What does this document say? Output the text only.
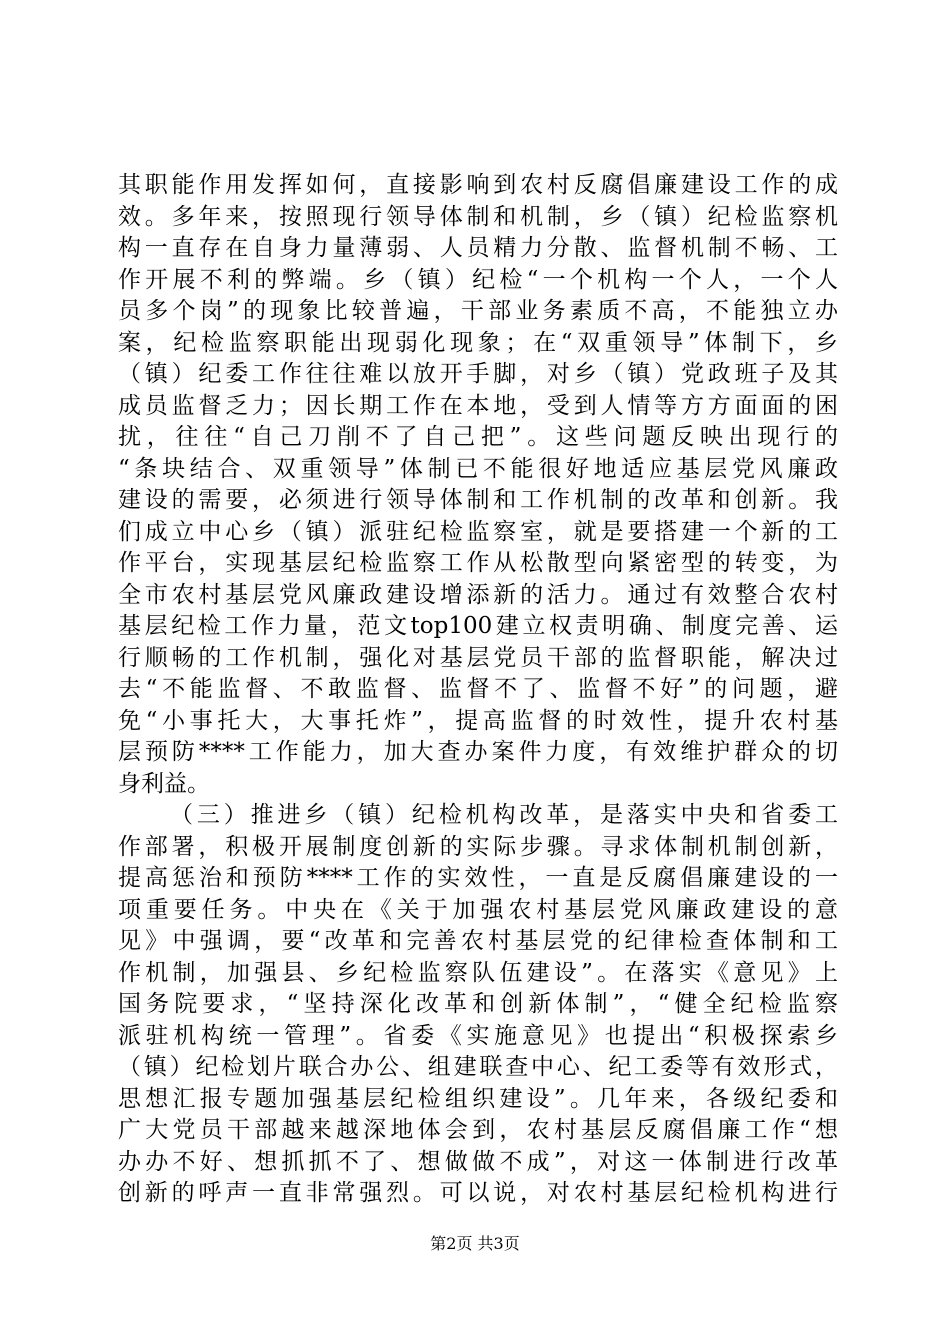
其职能作用发挥如何，直接影响到农村反腐倡廉建设工作的成
效。多年来，按照现行领导体制和机制，乡（镇）纪检监察机
构一直存在自身力量薄弱、人员精力分散、监督机制不畅、工
作开展不利的弊端。乡（镇）纪检“一个机构一个人，一个人
员多个岗”的现象比较普遍，干部业务素质不高，不能独立办
案，纪检监察职能出现弱化现象；在“双重领导”体制下，乡
（镇）纪委工作往往难以放开手脚，对乡（镇）党政班子及其
成员监督乏力；因长期工作在本地，受到人情等方方面面的困
扰，往往“自己刀削不了自己把”。这些问题反映出现行的
“条块结合、双重领导”体制已不能很好地适应基层党风廉政
建设的需要，必须进行领导体制和工作机制的改革和创新。我
们成立中心乡（镇）派驻纪检监察室，就是要搭建一个新的工
作平台，实现基层纪检监察工作从松散型向紧密型的转变，为
全市农村基层党风廉政建设增添新的活力。通过有效整合农村
基层纪检工作力量，范文top100建立权责明确、制度完善、运
行顺畅的工作机制，强化对基层党员干部的监督职能，解决过
去“不能监督、不敢监督、监督不了、监督不好”的问题，避
免“小事托大，大事托炸”，提高监督的时效性，提升农村基
层预防****工作能力，加大查办案件力度，有效维护群众的切
身利益。
（三）推进乡（镇）纪检机构改革，是落实中央和省委工
作部署，积极开展制度创新的实际步骤。寻求体制机制创新，
提高惩治和预防****工作的实效性，一直是反腐倡廉建设的一
项重要任务。中央在《关于加强农村基层党风廉政建设的意
见》中强调，要“改革和完善农村基层党的纪律检查体制和工
作机制，加强县、乡纪检监察队伍建设”。在落实《意见》上
国务院要求，“坚持深化改革和创新体制”，“健全纪检监察
派驻机构统一管理”。省委《实施意见》也提出“积极探索乡
（镇）纪检划片联合办公、组建联查中心、纪工委等有效形式，
思想汇报专题加强基层纪检组织建设”。几年来，各级纪委和
广大党员干部越来越深地体会到，农村基层反腐倡廉工作“想
办办不好、想抓抓不了、想做做不成”，对这一体制进行改革
创新的呼声一直非常强烈。可以说，对农村基层纪检机构进行
第2页 共3页
